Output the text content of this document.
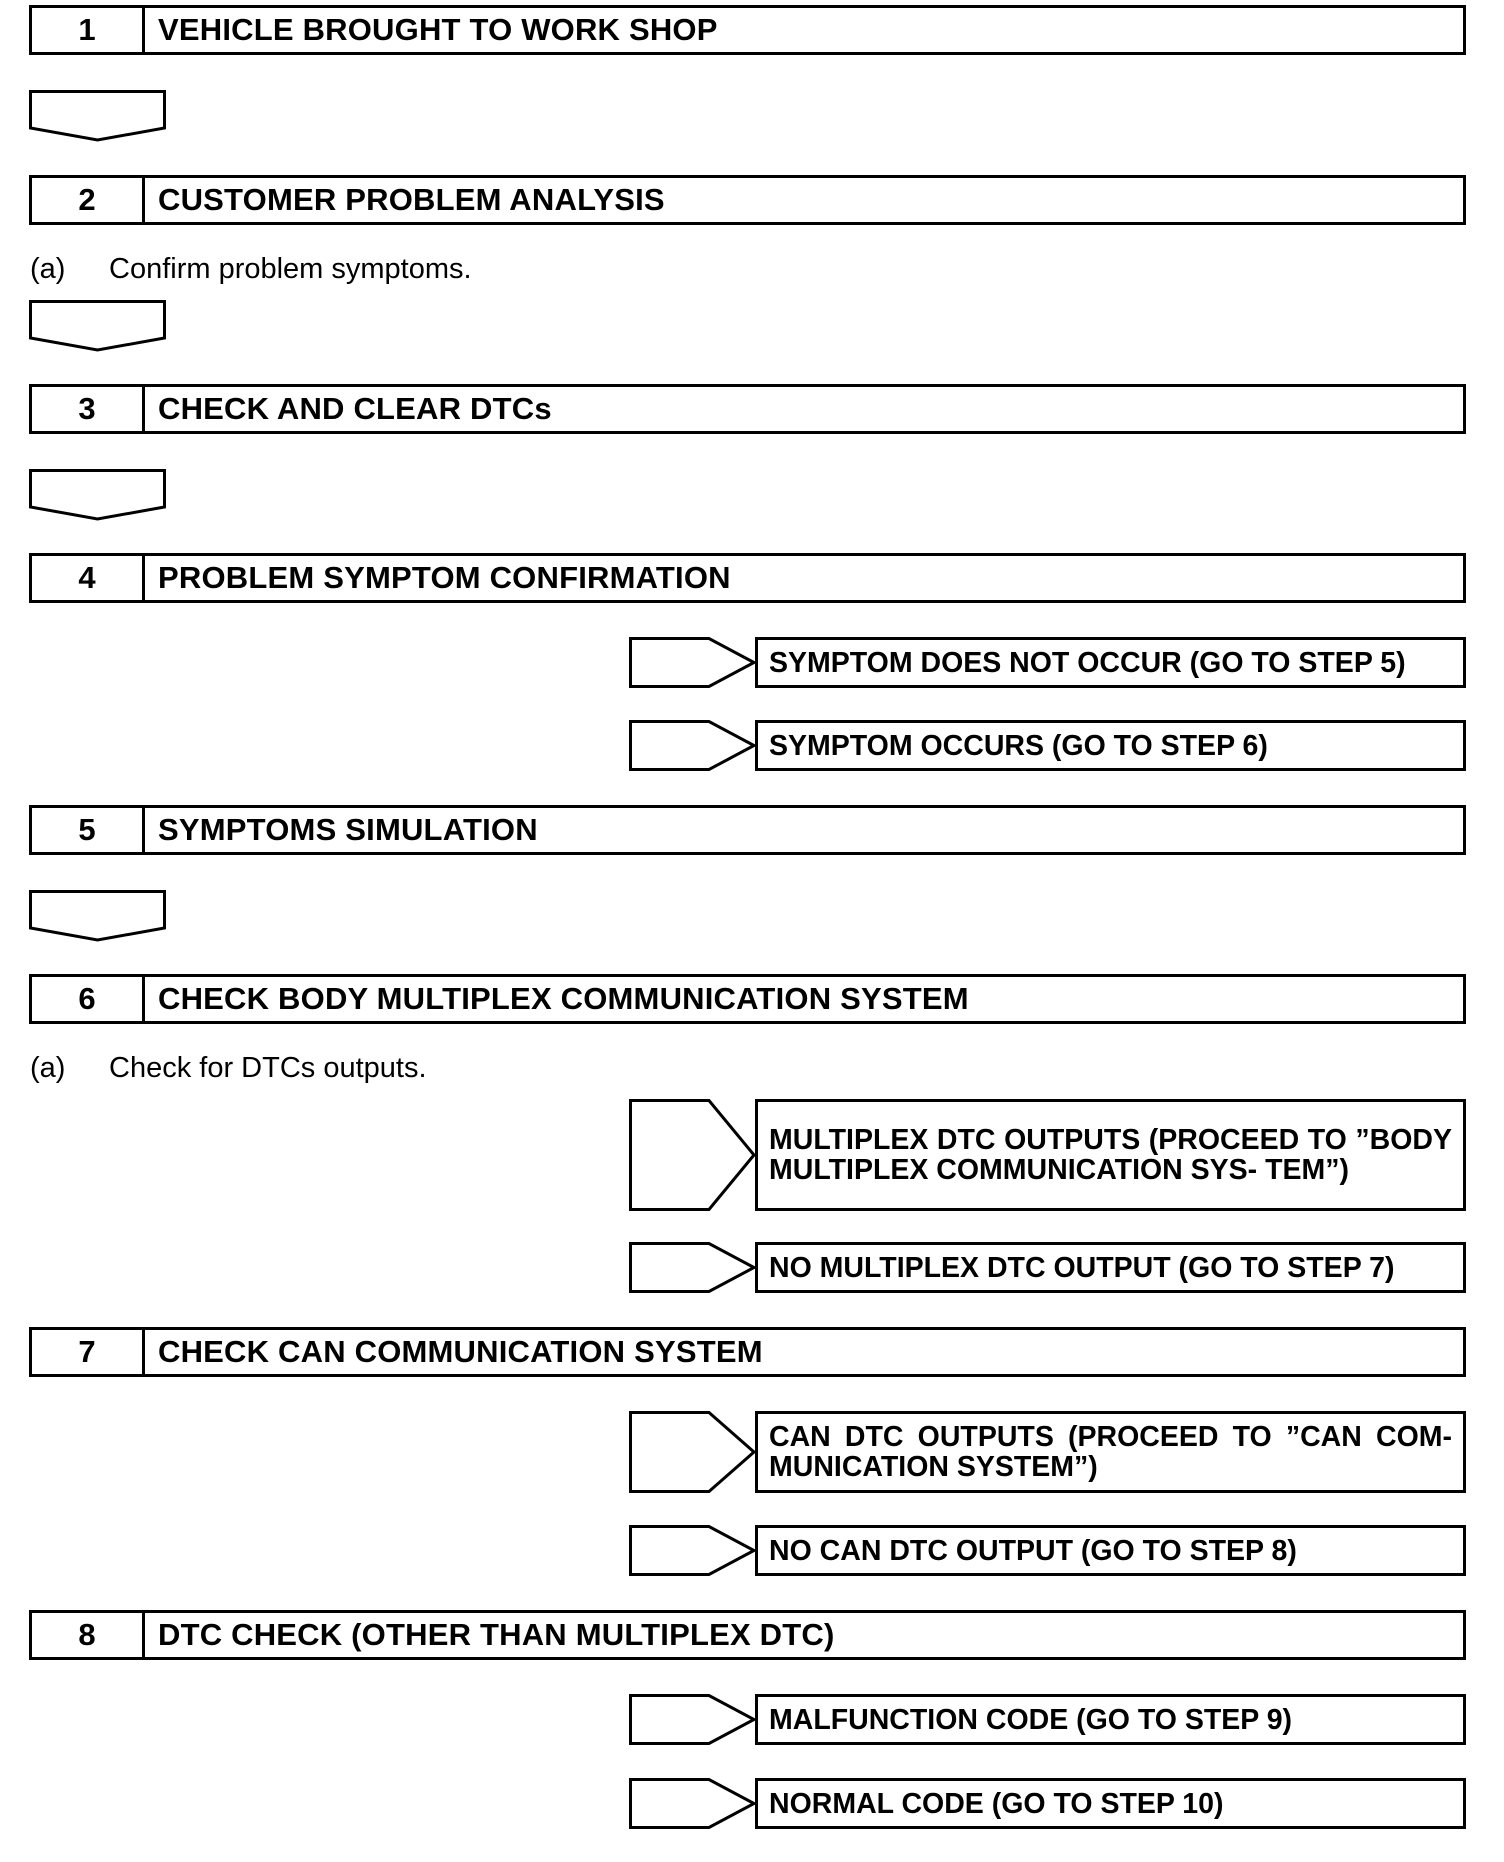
1	VEHICLE BROUGHT TO WORK SHOP
2	CUSTOMER PROBLEM ANALYSIS
(a) Confirm problem symptoms.
3	CHECK AND CLEAR DTCs
4	PROBLEM SYMPTOM CONFIRMATION
SYMPTOM DOES NOT OCCUR (GO TO STEP 5)
SYMPTOM OCCURS (GO TO STEP 6)
5	SYMPTOMS SIMULATION
6	CHECK BODY MULTIPLEX COMMUNICATION SYSTEM
(a) Check for DTCs outputs.
MULTIPLEX DTC OUTPUTS (PROCEED TO ”BODY MULTIPLEX COMMUNICATION SYS- TEM”)
NO MULTIPLEX DTC OUTPUT (GO TO STEP 7)
7	CHECK CAN COMMUNICATION SYSTEM
CAN DTC OUTPUTS (PROCEED TO ”CAN COM- MUNICATION SYSTEM”)
NO CAN DTC OUTPUT (GO TO STEP 8)
8	DTC CHECK (OTHER THAN MULTIPLEX DTC)
MALFUNCTION CODE (GO TO STEP 9)
NORMAL CODE (GO TO STEP 10)
